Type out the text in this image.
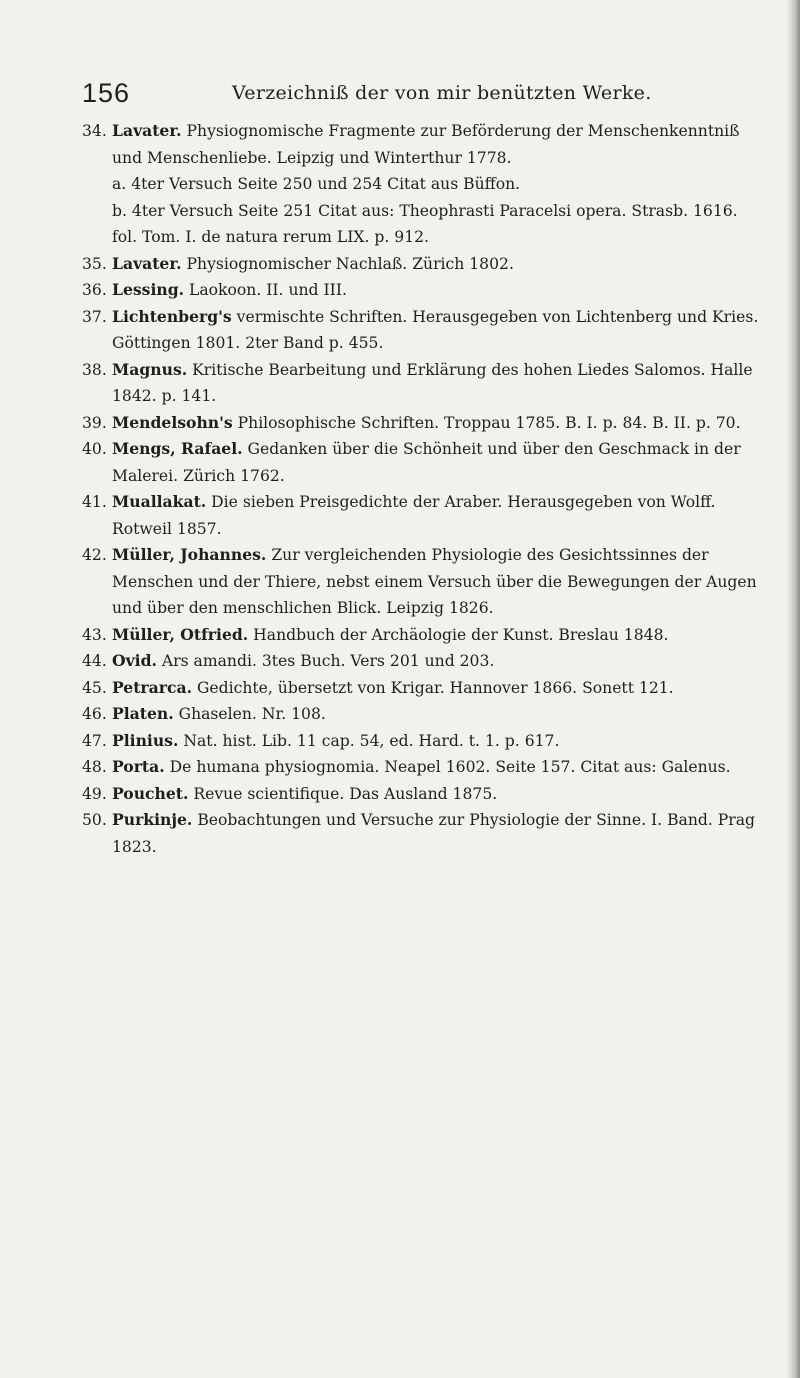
156	Verzeichniß der von mir benützten Werke.
34. Lavater. Physiognomische Fragmente zur Beförderung der Menschenkenntniß und Menschenliebe. Leipzig und Winterthur 1778.
a. 4ter Versuch Seite 250 und 254 Citat aus Büffon.
b. 4ter Versuch Seite 251 Citat aus: Theophrasti Paracelsi opera. Strasb. 1616. fol. Tom. I. de natura rerum LIX. p. 912.
35. Lavater. Physiognomischer Nachlaß. Zürich 1802.
36. Lessing. Laokoon. II. und III.
37. Lichtenberg's vermischte Schriften. Herausgegeben von Lichtenberg und Kries. Göttingen 1801. 2ter Band p. 455.
38. Magnus. Kritische Bearbeitung und Erklärung des hohen Liedes Salomos. Halle 1842. p. 141.
39. Mendelsohn's Philosophische Schriften. Troppau 1785. B. I. p. 84. B. II. p. 70.
40. Mengs, Rafael. Gedanken über die Schönheit und über den Geschmack in der Malerei. Zürich 1762.
41. Mualla⁠kat. Die sieben Preisgedichte der Araber. Herausgegeben von Wolff. Rotweil 1857.
42. Müller, Johannes. Zur vergleichenden Physiologie des Gesichtssinnes der Menschen und der Thiere, nebst einem Versuch über die Bewegungen der Augen und über den menschlichen Blick. Leipzig 1826.
43. Müller, Otfried. Handbuch der Archäologie der Kunst. Breslau 1848.
44. Ovid. Ars amandi. 3tes Buch. Vers 201 und 203.
45. Petrarca. Gedichte, übersetzt von Krigar. Hannover 1866. Sonett 121.
46. Platen. Ghaselen. Nr. 108.
47. Plinius. Nat. hist. Lib. 11 cap. 54, ed. Hard. t. 1. p. 617.
48. Porta. De humana physiognomia. Neapel 1602. Seite 157. Citat aus: Galenus.
49. Pouchet. Revue scientifique. Das Ausland 1875.
50. Purkinje. Beobachtungen und Versuche zur Physiologie der Sinne. I. Band. Prag 1823.
